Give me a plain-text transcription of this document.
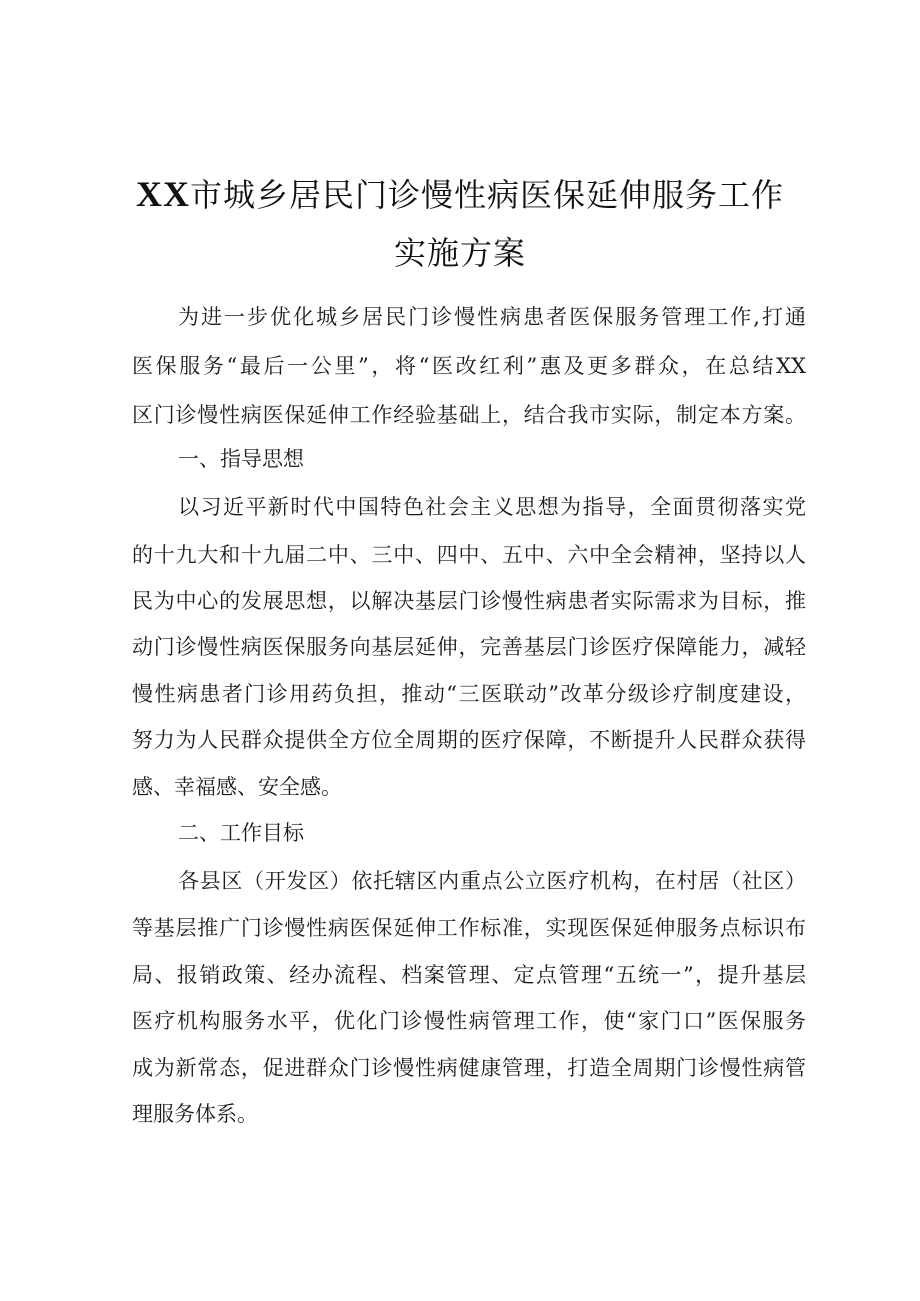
XX市城乡居民门诊慢性病医保延伸服务工作
实施方案
为进一步优化城乡居民门诊慢性病患者医保服务管理工作,打通
医保服务“最后一公里”，将“医改红利”惠及更多群众，在总结XX
区门诊慢性病医保延伸工作经验基础上，结合我市实际，制定本方案。
一、指导思想
以习近平新时代中国特色社会主义思想为指导，全面贯彻落实党
的十九大和十九届二中、三中、四中、五中、六中全会精神，坚持以人
民为中心的发展思想，以解决基层门诊慢性病患者实际需求为目标，推
动门诊慢性病医保服务向基层延伸，完善基层门诊医疗保障能力，减轻
慢性病患者门诊用药负担，推动“三医联动”改革分级诊疗制度建设，
努力为人民群众提供全方位全周期的医疗保障，不断提升人民群众获得
感、幸福感、安全感。
二、工作目标
各县区（开发区）依托辖区内重点公立医疗机构，在村居（社区）
等基层推广门诊慢性病医保延伸工作标准，实现医保延伸服务点标识布
局、报销政策、经办流程、档案管理、定点管理“五统一”，提升基层
医疗机构服务水平，优化门诊慢性病管理工作，使“家门口”医保服务
成为新常态，促进群众门诊慢性病健康管理，打造全周期门诊慢性病管
理服务体系。
